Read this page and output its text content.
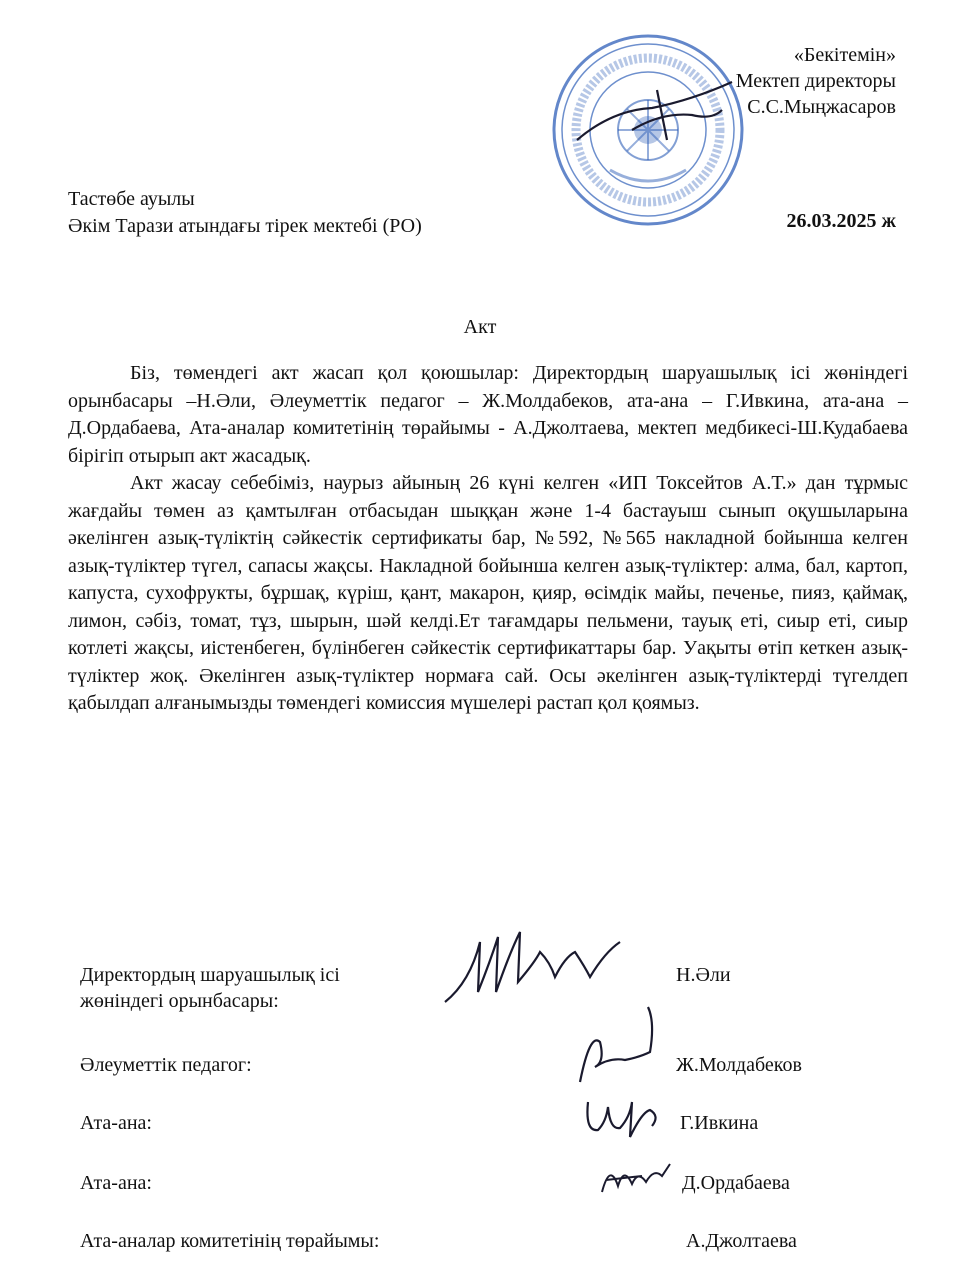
«Бекітемін»
Мектеп директоры
С.С.Мыңжасаров
Тастөбе ауылы
Әкім Тарази атындағы тірек мектебі (РО)	26.03.2025 ж
Акт

Біз, төмендегі акт жасап қол қоюшылар: Директордың шаруашылық ісі жөніндегі орынбасары –Н.Әли, Әлеуметтік педагог – Ж.Молдабеков, ата-ана – Г.Ивкина, ата-ана – Д.Ордабаева, Ата-аналар комитетінің төрайымы - А.Джолтаева, мектеп медбикесі-Ш.Кудабаева бірігіп отырып акт жасадық.

Акт жасау себебіміз, наурыз айының 26 күні келген «ИП Токсейтов А.Т.» дан тұрмыс жағдайы төмен аз қамтылған отбасыдан шыққан және 1-4 бастауыш сынып оқушыларына әкелінген азық-түліктің сәйкестік сертификаты бар, №592, №565 накладной бойынша келген азық-түліктер түгел, сапасы жақсы. Накладной бойынша келген азық-түліктер: алма, бал, картоп, капуста, сухофрукты, бұршақ, күріш, қант, макарон, қияр, өсімдік майы, печенье, пияз, қаймақ, лимон, сәбіз, томат, тұз, шырын, шәй келді.Ет тағамдары пельмени, тауық еті, сиыр еті, сиыр котлеті жақсы, иістенбеген, бүлінбеген сәйкестік сертификаттары бар. Уақыты өтіп кеткен азық-түліктер жоқ. Әкелінген азық-түліктер нормаға сай. Осы әкелінген азық-түліктерді түгелдеп қабылдап алғанымызды төмендегі комиссия мүшелері растап қол қоямыз.

Директордың шаруашылық ісі
жөніндегі орынбасары:
Н.Әли
Әлеуметтік педагог:	Ж.Молдабеков
Ата-ана:	Г.Ивкина
Ата-ана:	Д.Ордабаева
Ата-аналар комитетінің төрайымы:	А.Джолтаева
